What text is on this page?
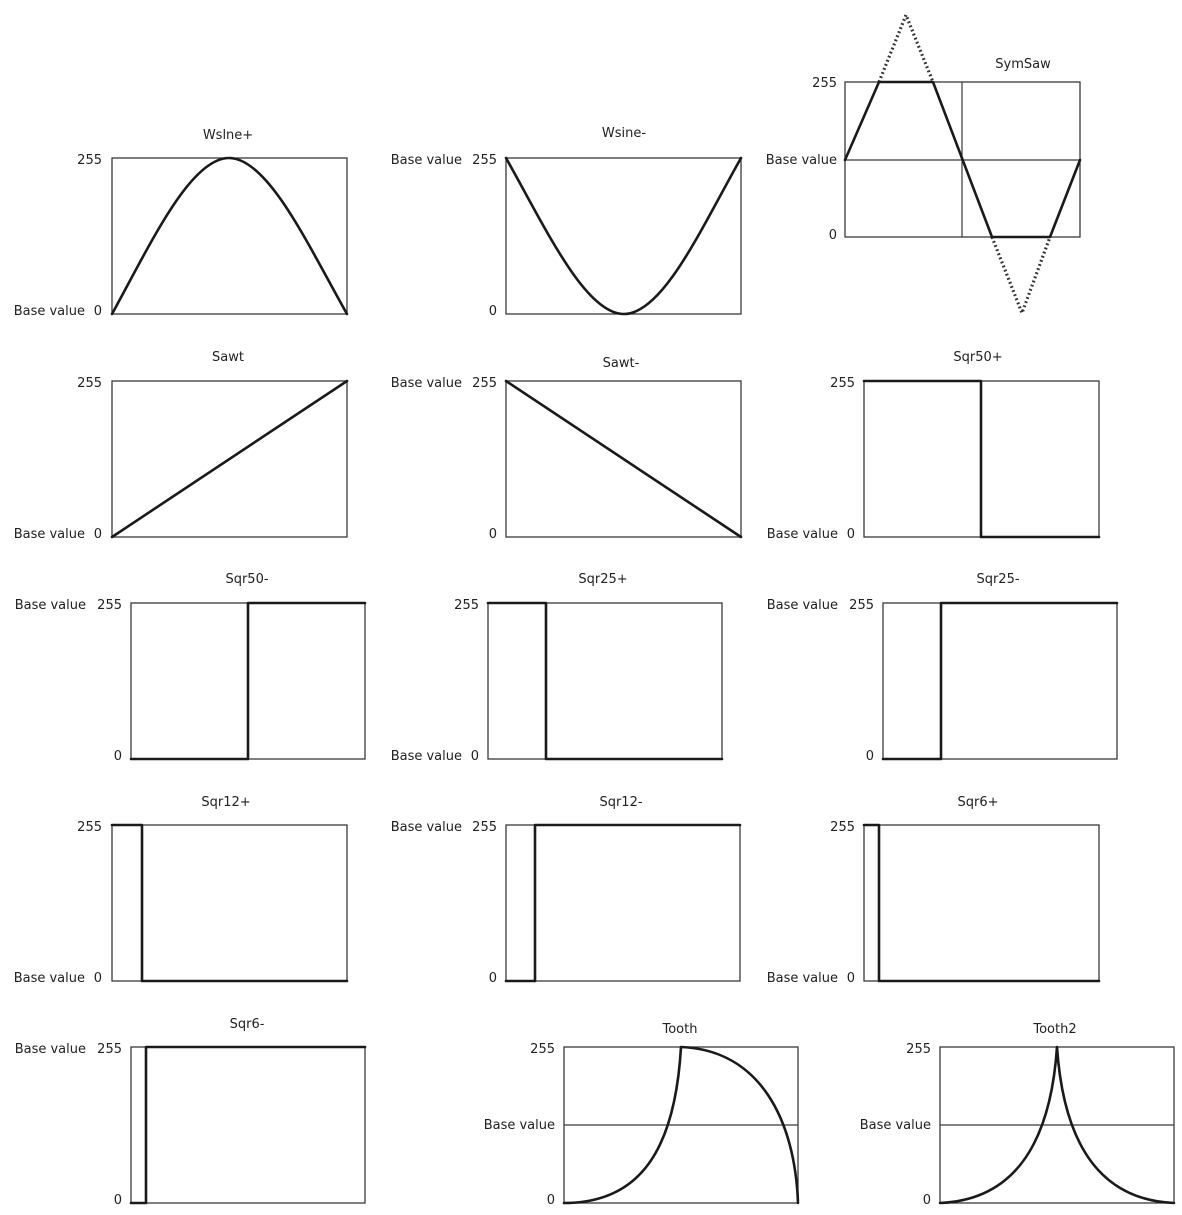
Wslne+
255
0
Base value
Wsine-
255
Base value
0
SymSaw
255
Base value
0
Sawt
255
0
Base value
Sawt-
255
Base value
0
Sqr50+
255
0
Base value
Sqr50-
255
Base value
0
Sqr25+
255
0
Base value
Sqr25-
255
Base value
0
Sqr12+
255
0
Base value
Sqr12-
255
Base value
0
Sqr6+
255
0
Base value
Sqr6-
255
Base value
0
Tooth
255
Base value
0
Tooth2
255
Base value
0
